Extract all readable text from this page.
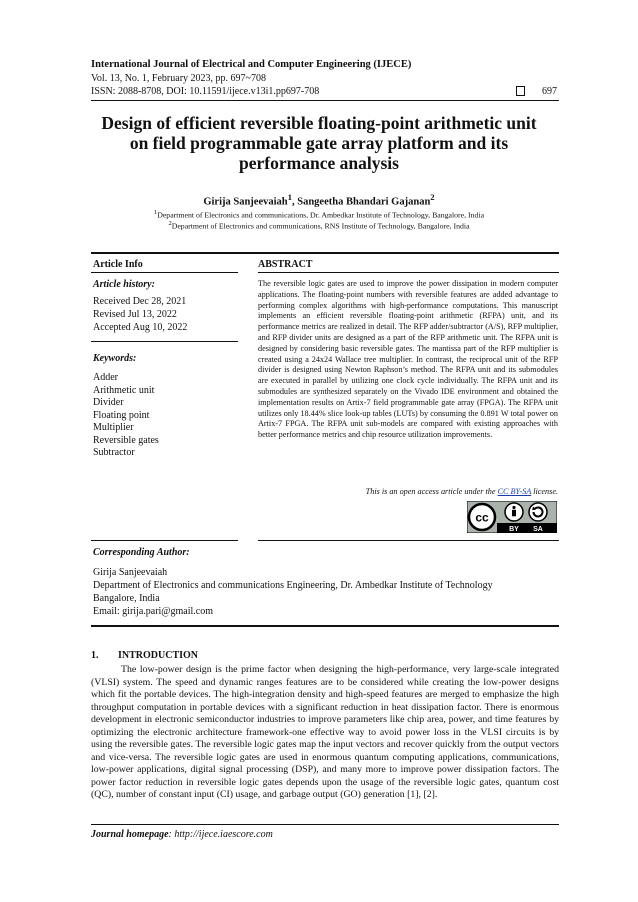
International Journal of Electrical and Computer Engineering (IJECE)
Vol. 13, No. 1, February 2023, pp. 697~708
ISSN: 2088-8708, DOI: 10.11591/ijece.v13i1.pp697-708	697
Design of efficient reversible floating-point arithmetic unit on field programmable gate array platform and its performance analysis
Girija Sanjeevaiah$^1$, Sangeetha Bhandari Gajanan$^2$
$^1$Department of Electronics and communications, Dr. Ambedkar Institute of Technology, Bangalore, India
$^2$Department of Electronics and communications, RNS Institute of Technology, Bangalore, India
Article Info
Article history:
Received Dec 28, 2021
Revised Jul 13, 2022
Accepted Aug 10, 2022
Keywords:
Adder
Arithmetic unit
Divider
Floating point
Multiplier
Reversible gates
Subtractor
ABSTRACT
The reversible logic gates are used to improve the power dissipation in modern computer applications. The floating-point numbers with reversible features are added advantage to performing complex algorithms with high-performance computations. This manuscript implements an efficient reversible floating-point arithmetic (RFPA) unit, and its performance metrics are realized in detail. The RFP adder/subtractor (A/S), RFP multiplier, and RFP divider units are designed as a part of the RFP arithmetic unit. The RFPA unit is designed by considering basic reversible gates. The mantissa part of the RFP multiplier is created using a 24x24 Wallace tree multiplier. In contrast, the reciprocal unit of the RFP divider is designed using Newton Raphson’s method. The RFPA unit and its submodules are executed in parallel by utilizing one clock cycle individually. The RFPA unit and its submodules are synthesized separately on the Vivado IDE environment and obtained the implementation results on Artix-7 field programmable gate array (FPGA). The RFPA unit utilizes only 18.44% slice look-up tables (LUTs) by consuming the 0.891 W total power on Artix-7 FPGA. The RFPA unit sub-models are compared with existing approaches with better performance metrics and chip resource utilization improvements.
This is an open access article under the CC BY-SA license.
cc
BY SA
Corresponding Author:
Girija Sanjeevaiah
Department of Electronics and communications Engineering, Dr. Ambedkar Institute of Technology
Bangalore, India
Email: girija.pari@gmail.com
1. INTRODUCTION
The low-power design is the prime factor when designing the high-performance, very large-scale integrated (VLSI) system. The speed and dynamic ranges features are to be considered while creating the low-power designs which fit the portable devices. The high-integration density and high-speed features are merged to emphasize the high throughput computation in portable devices with a significant reduction in heat dissipation factor. There is enormous development in electronic semiconductor industries to improve parameters like chip area, power, and time features by optimizing the electronic architecture framework-one effective way to avoid power loss in the VLSI circuits is by using the reversible gates. The reversible logic gates map the input vectors and recover quickly from the output vectors and vice-versa. The reversible logic gates are used in enormous quantum computing applications, communications, low-power applications, digital signal processing (DSP), and many more to improve power dissipation factors. The power factor reduction in reversible logic gates depends upon the usage of the reversible logic gates, quantum cost (QC), number of constant input (CI) usage, and garbage output (GO) generation [1], [2].
Journal homepage: http://ijece.iaescore.com
